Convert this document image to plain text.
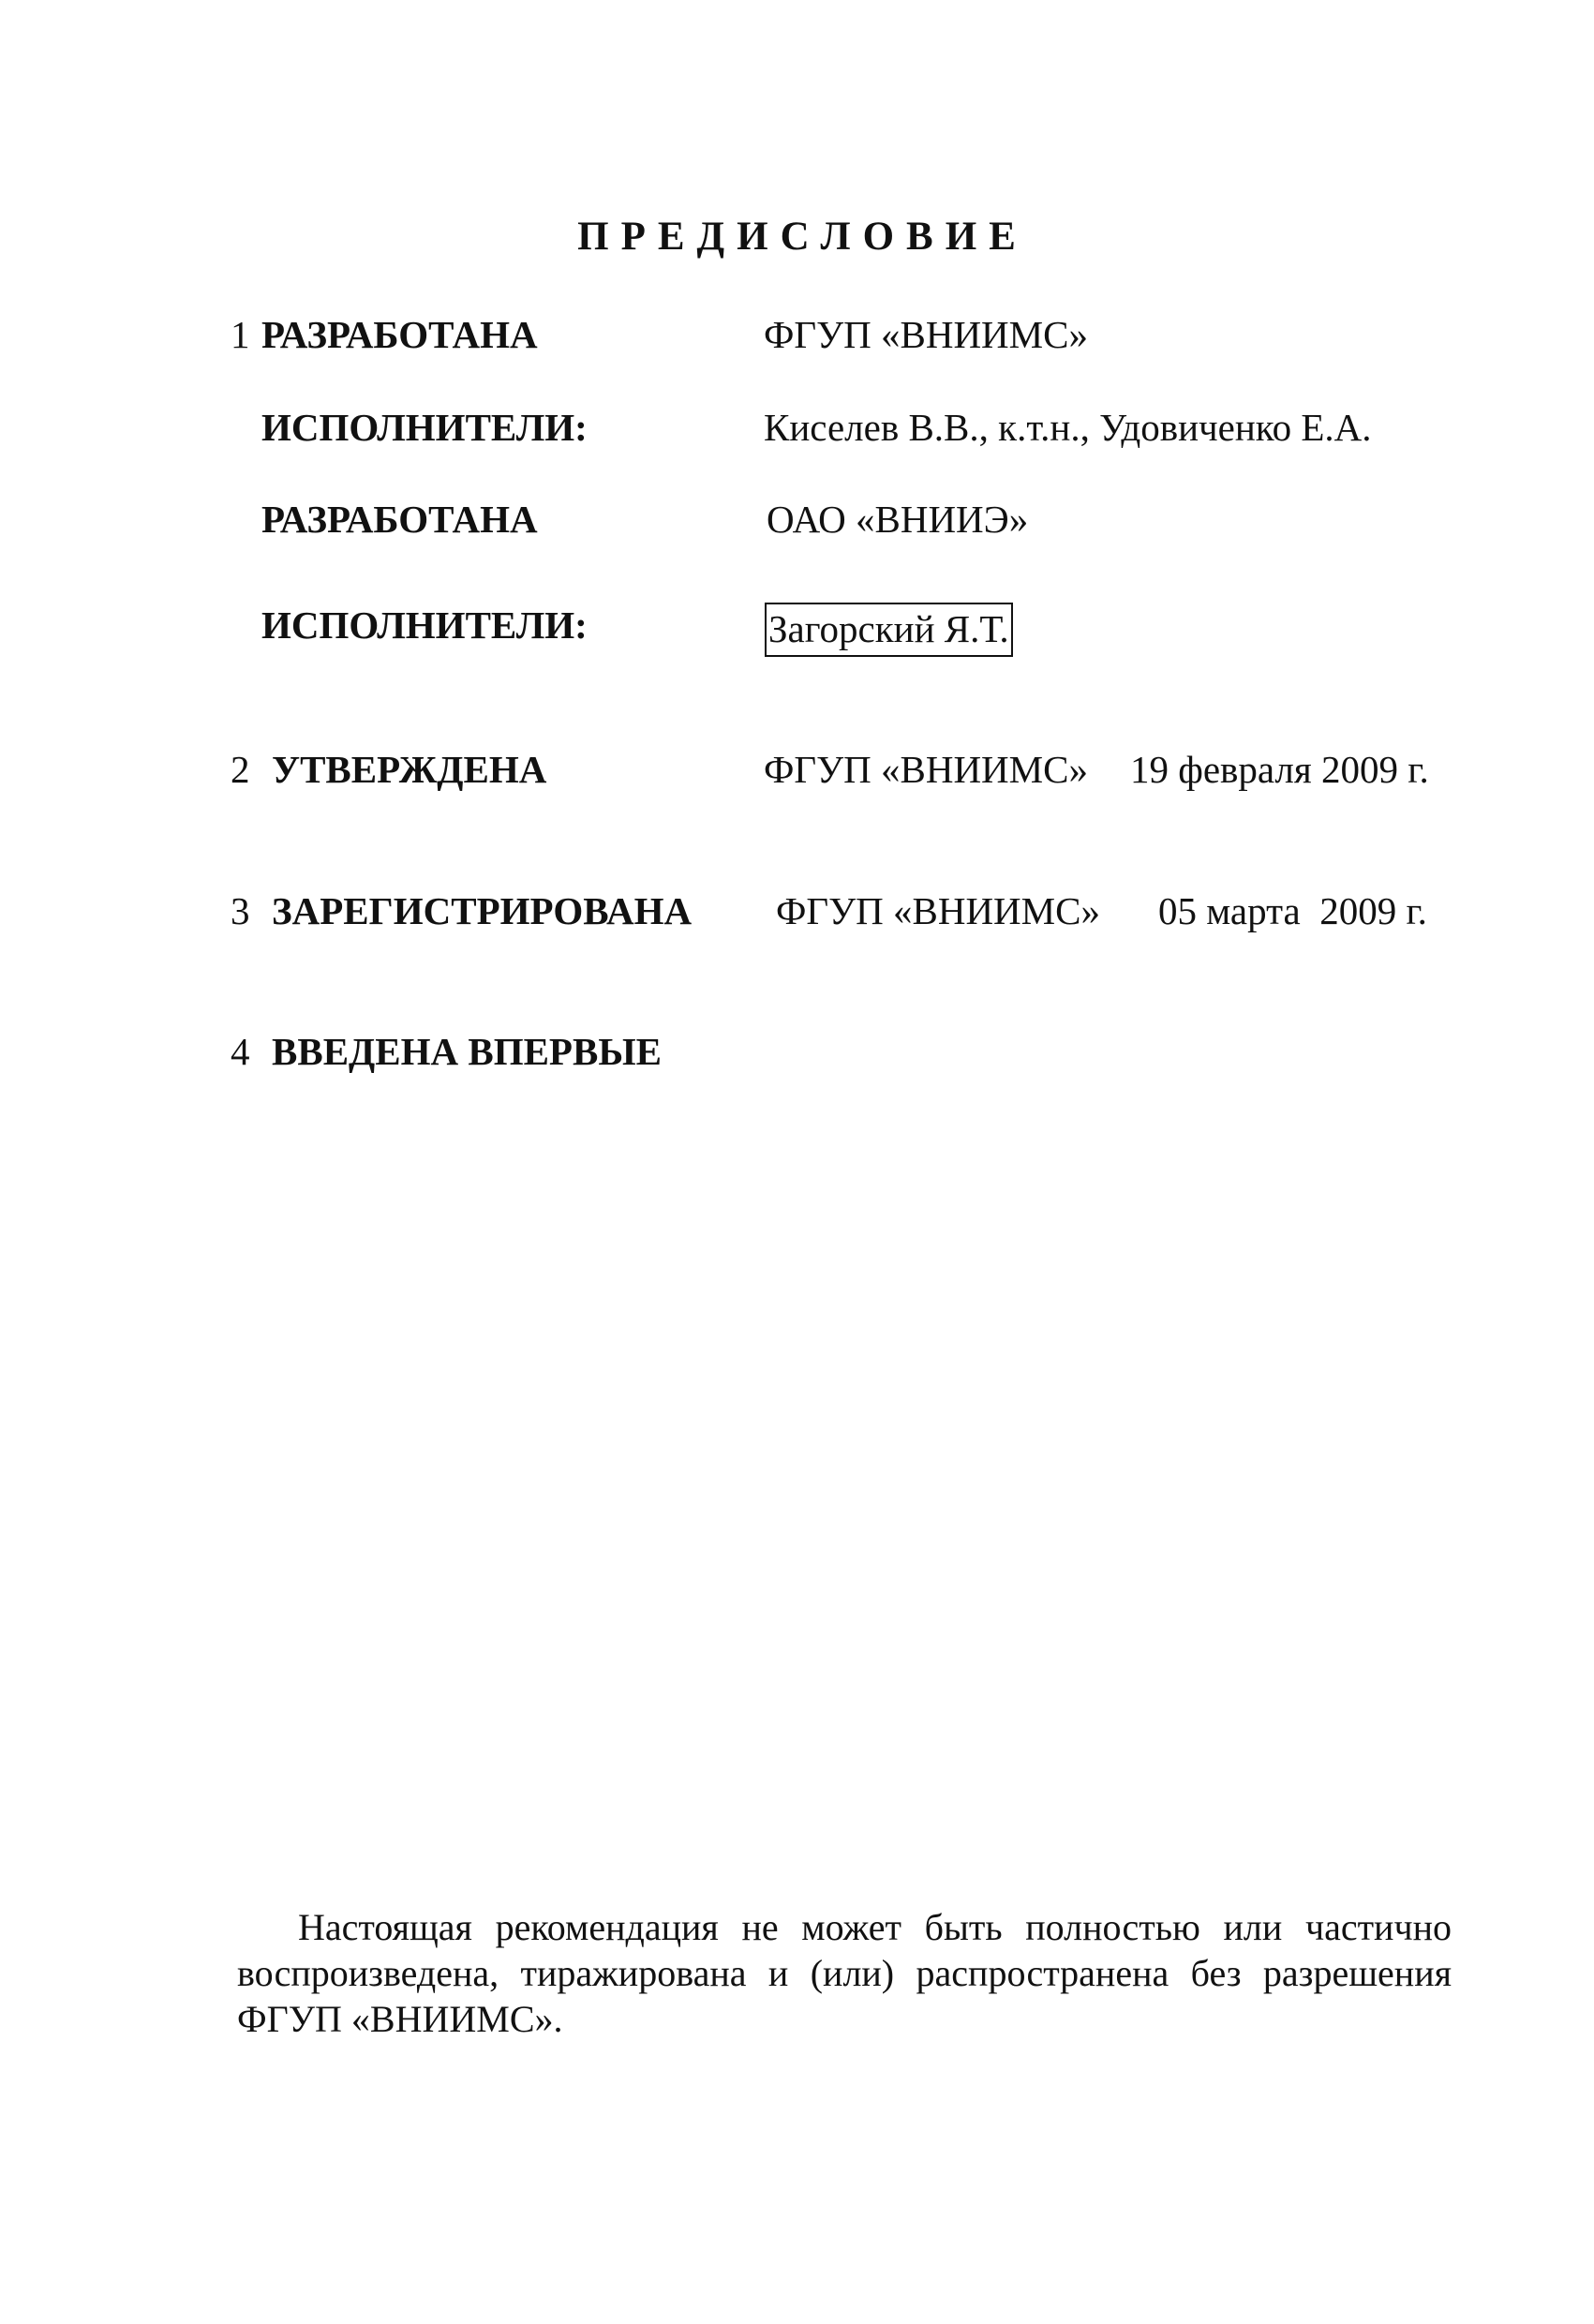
ПРЕДИСЛОВИЕ
1 РАЗРАБОТАНА	ФГУП «ВНИИМС»
ИСПОЛНИТЕЛИ:	Киселев В.В., к.т.н., Удовиченко Е.А.
РАЗРАБОТАНА	ОАО «ВНИИЭ»
ИСПОЛНИТЕЛИ:	Загорский Я.Т.
2 УТВЕРЖДЕНА	ФГУП «ВНИИМС» 19 февраля 2009 г.
3 ЗАРЕГИСТРИРОВАНА ФГУП «ВНИИМС» 05 марта  2009 г.
4 ВВЕДЕНА ВПЕРВЫЕ
Настоящая рекомендация не может быть полностью или частично воспроизведена, тиражирована и (или) распространена без разрешения ФГУП «ВНИИМС».
